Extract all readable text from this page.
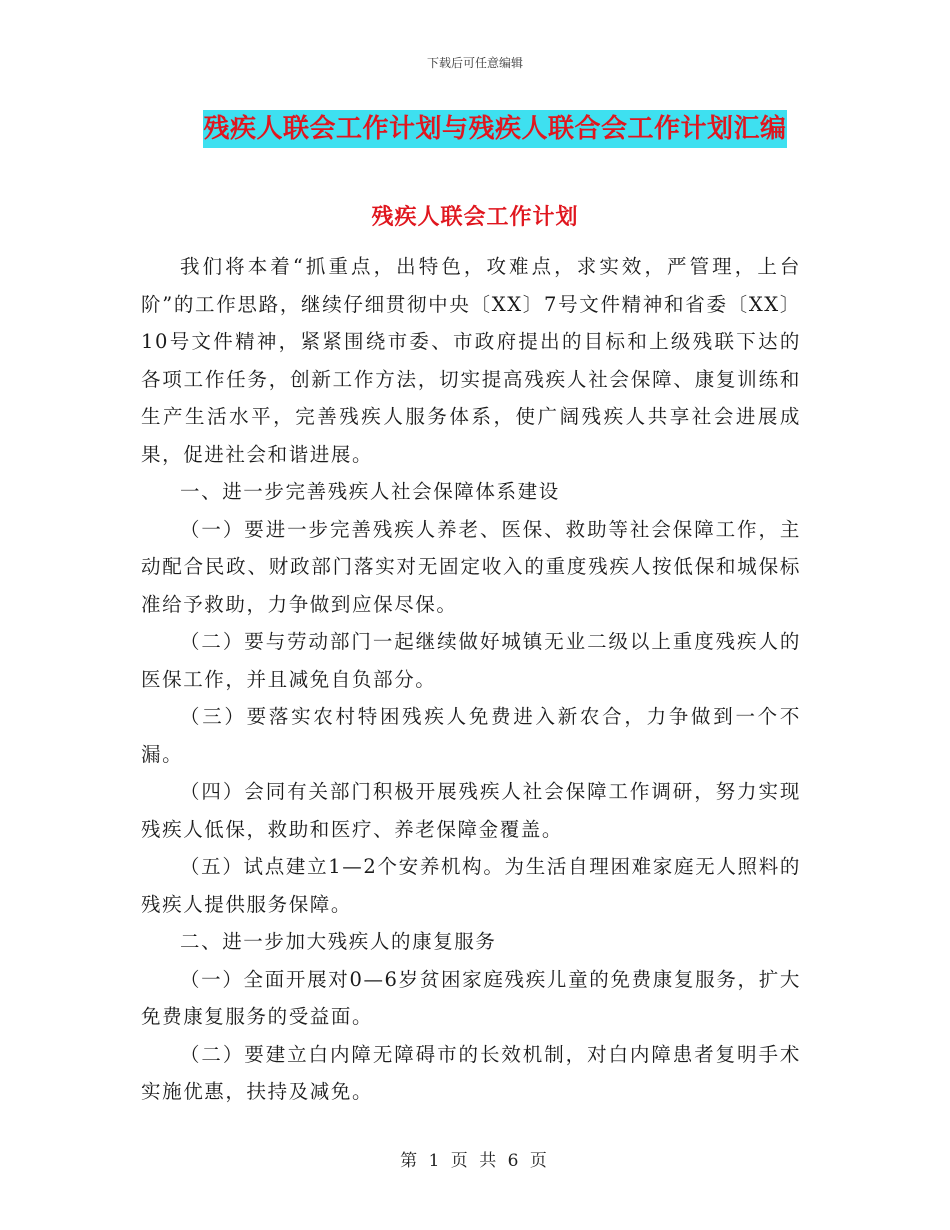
下载后可任意编辑
残疾人联会工作计划与残疾人联合会工作计划汇编
残疾人联会工作计划

我们将本着“抓重点，出特色，攻难点，求实效，严管理，上台阶”的工作思路，继续仔细贯彻中央〔XX〕7号文件精神和省委〔XX〕10号文件精神，紧紧围绕市委、市政府提出的目标和上级残联下达的各项工作任务，创新工作方法，切实提高残疾人社会保障、康复训练和生产生活水平，完善残疾人服务体系，使广阔残疾人共享社会进展成果，促进社会和谐进展。

一、进一步完善残疾人社会保障体系建设

（一）要进一步完善残疾人养老、医保、救助等社会保障工作，主动配合民政、财政部门落实对无固定收入的重度残疾人按低保和城保标准给予救助，力争做到应保尽保。

（二）要与劳动部门一起继续做好城镇无业二级以上重度残疾人的医保工作，并且减免自负部分。

（三）要落实农村特困残疾人免费进入新农合，力争做到一个不漏。

（四）会同有关部门积极开展残疾人社会保障工作调研，努力实现残疾人低保，救助和医疗、养老保障金覆盖。

（五）试点建立1—2个安养机构。为生活自理困难家庭无人照料的残疾人提供服务保障。

二、进一步加大残疾人的康复服务

（一）全面开展对0—6岁贫困家庭残疾儿童的免费康复服务，扩大免费康复服务的受益面。

（二）要建立白内障无障碍市的长效机制，对白内障患者复明手术实施优惠，扶持及减免。

第 1 页 共 6 页
